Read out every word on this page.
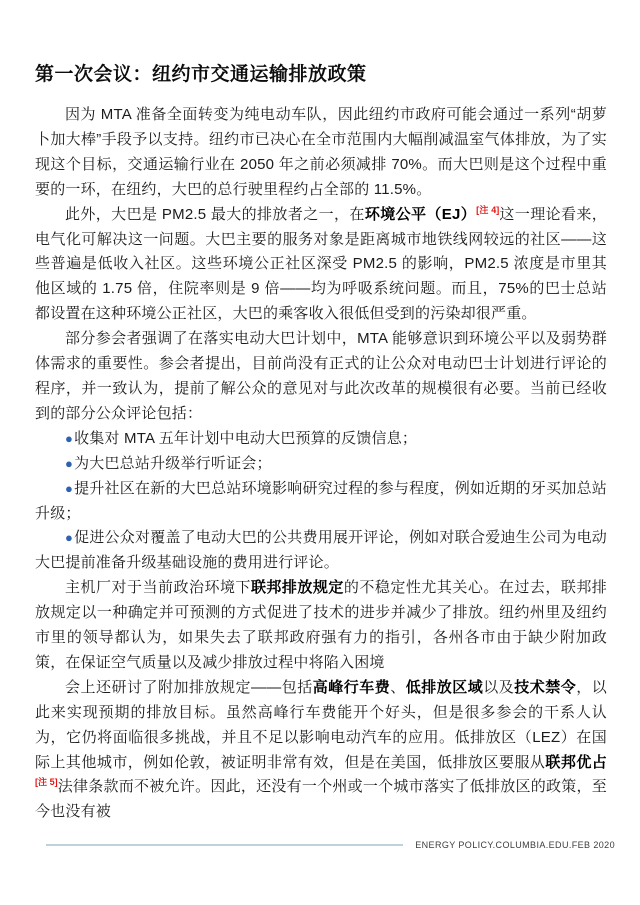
第一次会议：纽约市交通运输排放政策

因为 MTA 准备全面转变为纯电动车队，因此纽约市政府可能会通过一系列“胡萝卜加大棒”手段予以支持。纽约市已决心在全市范围内大幅削减温室气体排放，为了实现这个目标，交通运输行业在 2050 年之前必须减排 70%。而大巴则是这个过程中重要的一环，在纽约，大巴的总行驶里程约占全部的 11.5%。

此外，大巴是 PM2.5 最大的排放者之一，在环境公平（EJ）[注 4]这一理论看来，电气化可解决这一问题。大巴主要的服务对象是距离城市地铁线网较远的社区——这些普遍是低收入社区。这些环境公正社区深受 PM2.5 的影响，PM2.5 浓度是市里其他区域的 1.75 倍，住院率则是 9 倍——均为呼吸系统问题。而且，75%的巴士总站都设置在这种环境公正社区，大巴的乘客收入很低但受到的污染却很严重。

部分参会者强调了在落实电动大巴计划中，MTA 能够意识到环境公平以及弱势群体需求的重要性。参会者提出，目前尚没有正式的让公众对电动巴士计划进行评论的程序，并一致认为，提前了解公众的意见对与此次改革的规模很有必要。当前已经收到的部分公众评论包括：

●收集对 MTA 五年计划中电动大巴预算的反馈信息；

●为大巴总站升级举行听证会；

●提升社区在新的大巴总站环境影响研究过程的参与程度，例如近期的牙买加总站升级；

●促进公众对覆盖了电动大巴的公共费用展开评论，例如对联合爱迪生公司为电动大巴提前准备升级基础设施的费用进行评论。

主机厂对于当前政治环境下联邦排放规定的不稳定性尤其关心。在过去，联邦排放规定以一种确定并可预测的方式促进了技术的进步并减少了排放。纽约州里及纽约市里的领导都认为，如果失去了联邦政府强有力的指引，各州各市由于缺少附加政策，在保证空气质量以及减少排放过程中将陷入困境

会上还研讨了附加排放规定——包括高峰行车费、低排放区域以及技术禁令，以此来实现预期的排放目标。虽然高峰行车费能开个好头，但是很多参会的干系人认为，它仍将面临很多挑战，并且不足以影响电动汽车的应用。低排放区（LEZ）在国际上其他城市，例如伦敦，被证明非常有效，但是在美国，低排放区要服从联邦优占[注 5]法律条款而不被允许。因此，还没有一个州或一个城市落实了低排放区的政策，至今也没有被

ENERGY POLICY.COLUMBIA.EDU.FEB 2020
